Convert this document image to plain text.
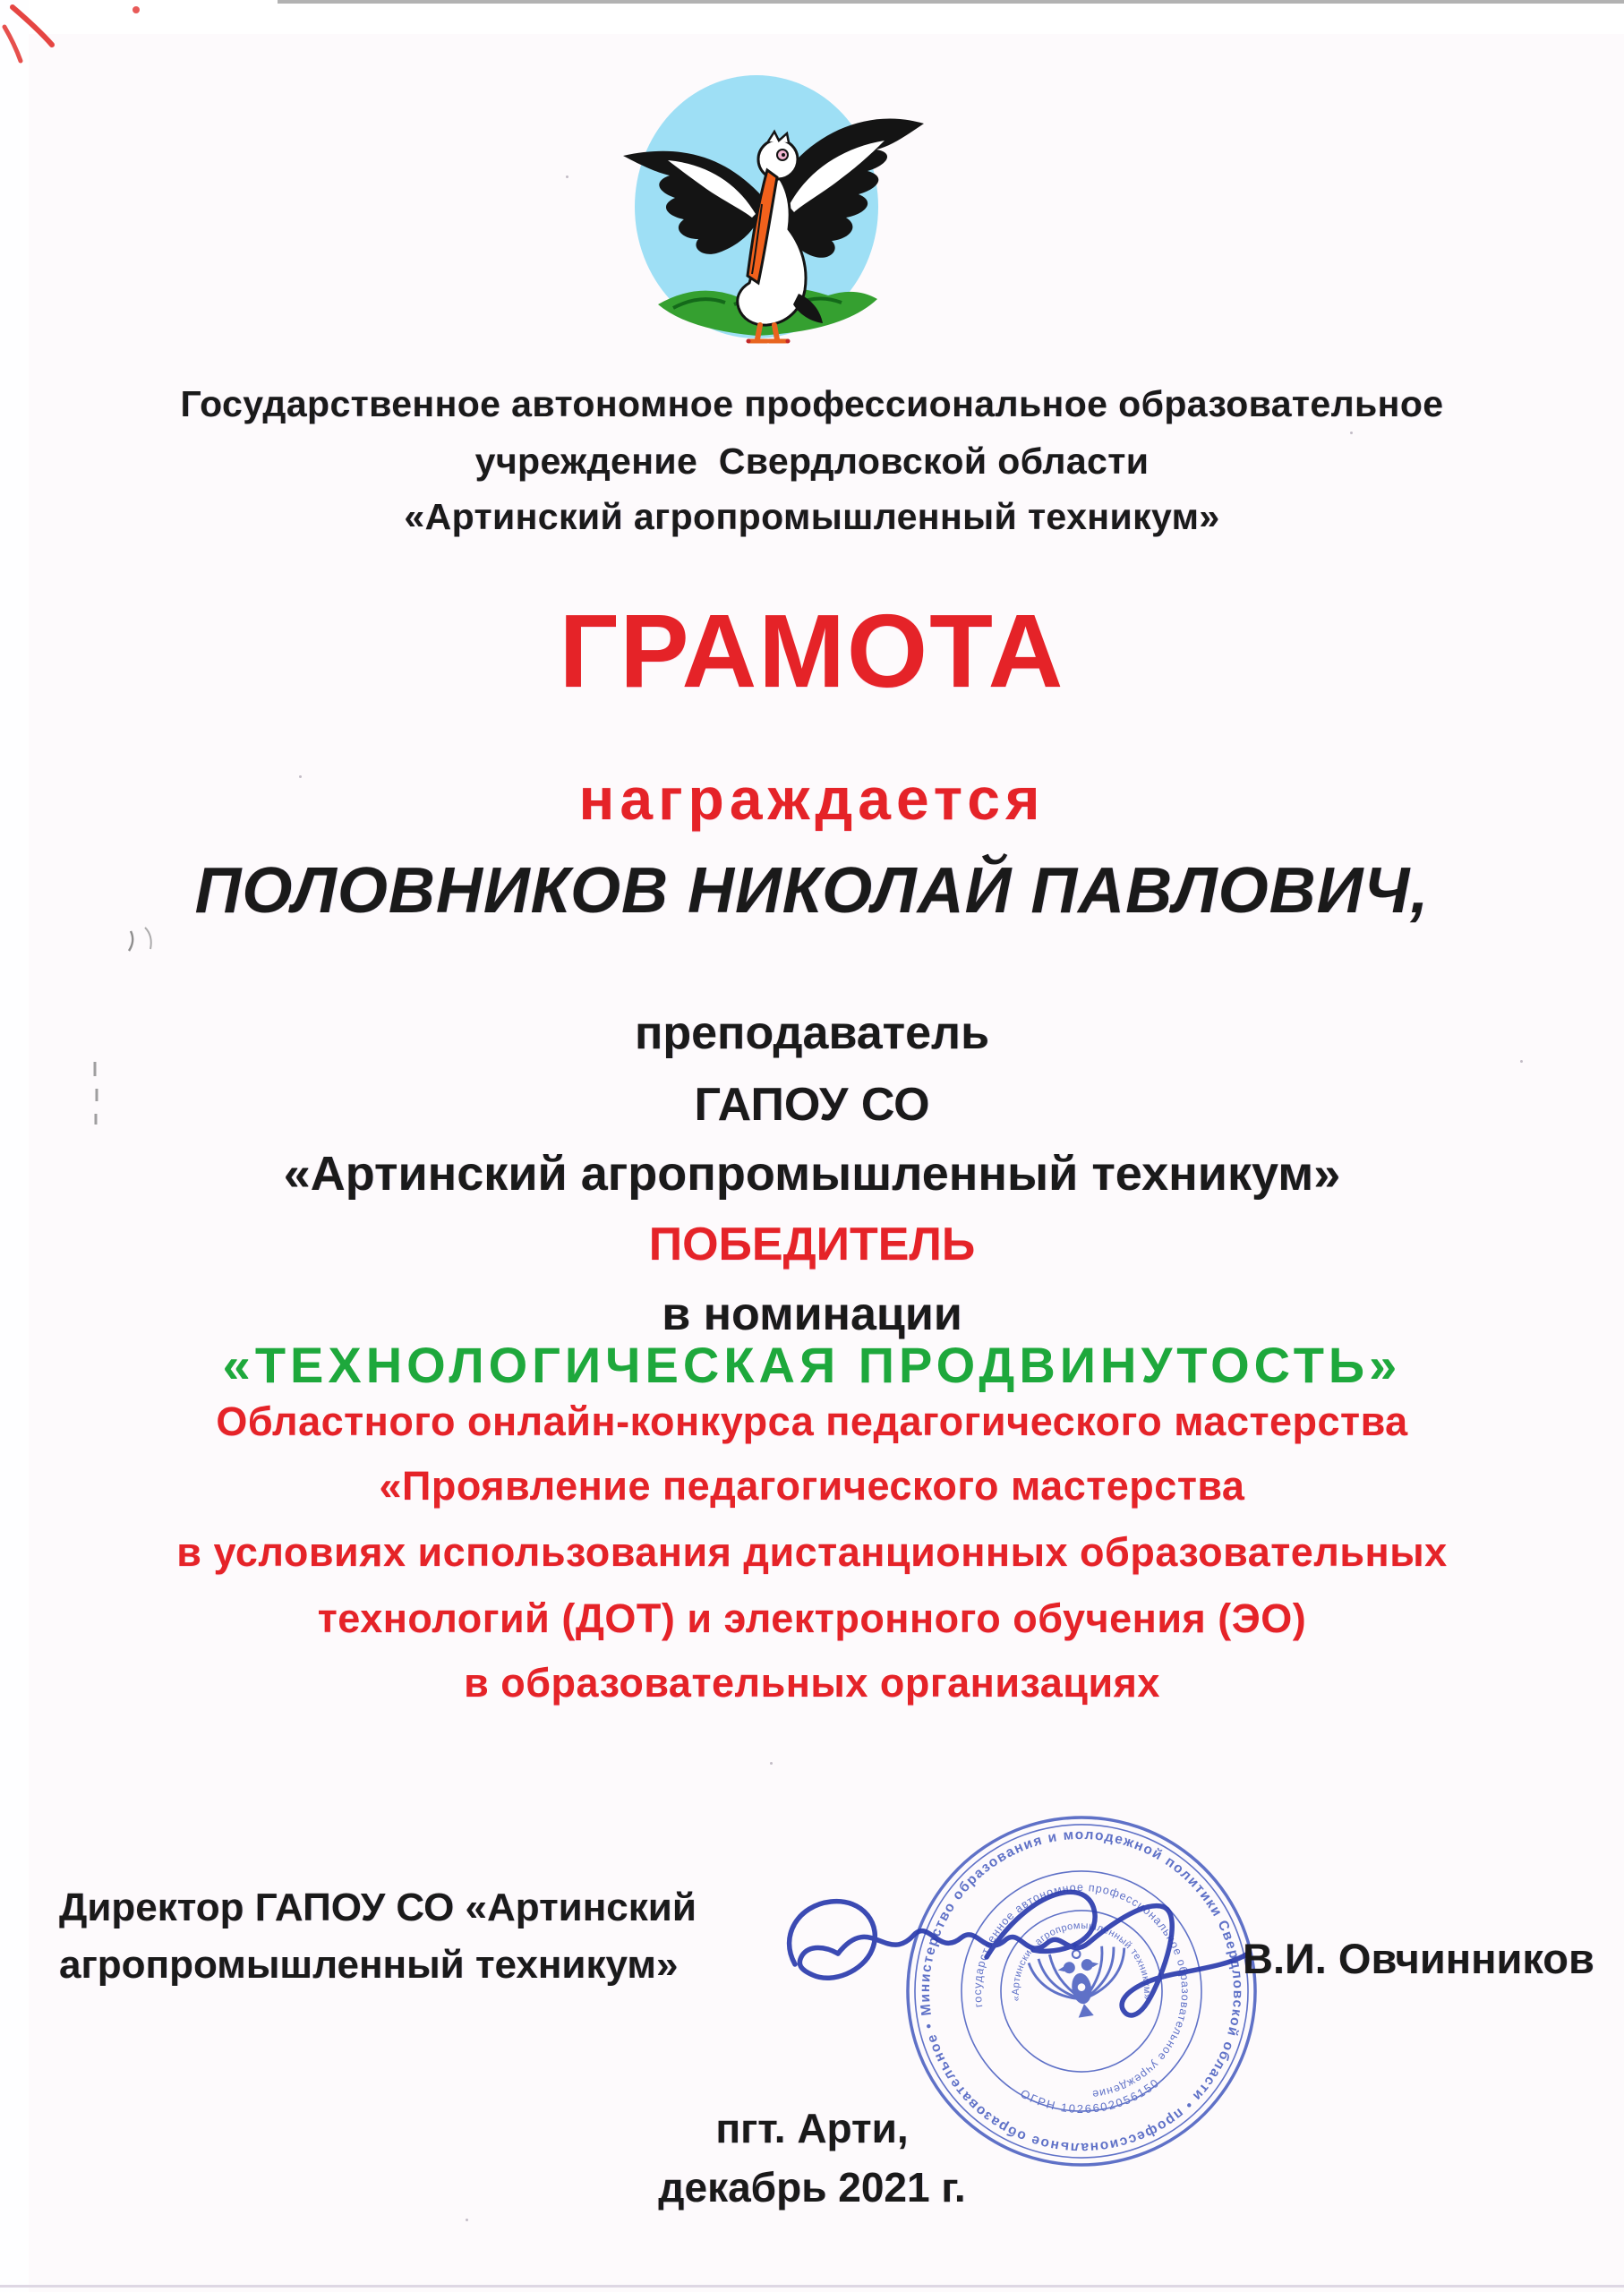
Государственное автономное профессиональное образовательное
учреждение  Свердловской области
«Артинский агропромышленный техникум»
ГРАМОТА
награждается
ПОЛОВНИКОВ НИКОЛАЙ ПАВЛОВИЧ,
преподаватель
ГАПОУ СО
«Артинский агропромышленный техникум»
ПОБЕДИТЕЛЬ
в номинации
«ТЕХНОЛОГИЧЕСКАЯ ПРОДВИНУТОСТЬ»
Областного онлайн-конкурса педагогического мастерства
«Проявление педагогического мастерства
в условиях использования дистанционных образовательных
технологий (ДОТ) и электронного обучения (ЭО)
в образовательных организациях
Директор ГАПОУ СО «Артинский
агропромышленный техникум»
Министерство образования и молодежной политики Свердловской области • профессиональное образовательное •
государственное автономное профессиональное образовательное учреждение
«Артинский агропромышленный техникум»
ОГРН 1026602056150
В.И. Овчинников
пгт. Арти,
декабрь 2021 г.
